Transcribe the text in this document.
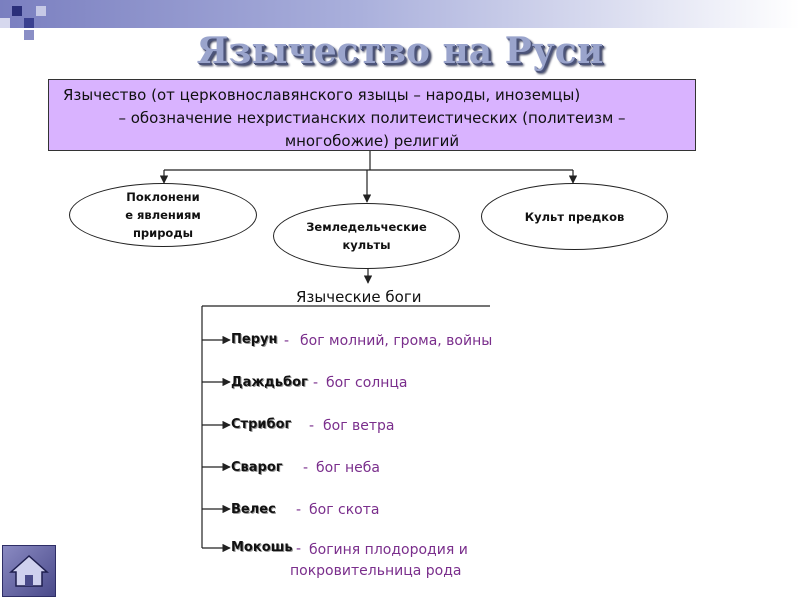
Язычество на Руси
Язычество (от церковнославянского языцы – народы, иноземцы)
– обозначение нехристианских политеистических (политеизм –
многобожие) религий
Поклонени
е явлениям
природы	Земледельческие
культы
Культ предков
Языческие боги
Перун - бог молний, грома, войны
Даждьбог - бог солнца
Стрибог - бог ветра
Сварог - бог неба
Велес - бог скота
Мокошь - богиня плодородия и
покровительница рода
